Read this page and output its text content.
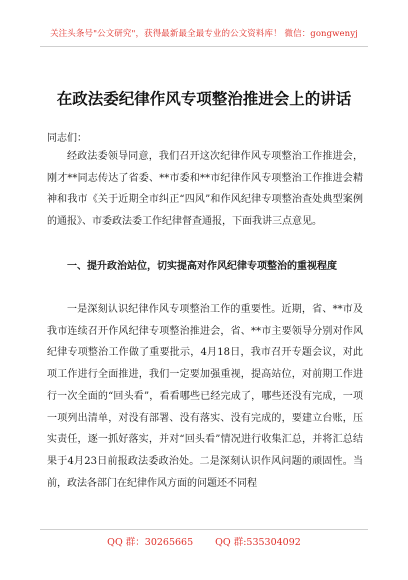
关注头条号"公文研究"，获得最新最全最专业的公文资料库！ 微信：gongwenyj
在政法委纪律作风专项整治推进会上的讲话
同志们：

经政法委领导同意，我们召开这次纪律作风专项整治工作推进会，刚才**同志传达了省委、**市委和**市纪律作风专项整治工作推进会精神和我市《关于近期全市纠正“四风”和作风纪律专项整治查处典型案例的通报》、市委政法委工作纪律督查通报，下面我讲三点意见。

一、提升政治站位，切实提高对作风纪律专项整治的重视程度

一是深刻认识纪律作风专项整治工作的重要性。近期，省、**市及我市连续召开作风纪律专项整治推进会，省、**市主要领导分别对作风纪律专项整治工作做了重要批示，4月18日，我市召开专题会议，对此项工作进行全面推进，我们一定要加强重视，提高站位，对前期工作进行一次全面的“回头看”，看看哪些已经完成了，哪些还没有完成，一项一项列出清单，对没有部署、没有落实、没有完成的，要建立台账，压实责任，逐一抓好落实，并对“回头看”情况进行收集汇总，并将汇总结果于4月23日前报政法委政治处。二是深刻认识作风问题的顽固性。当前，政法各部门在纪律作风方面的问题还不同程

QQ 群：30265665 QQ 群:535304092
